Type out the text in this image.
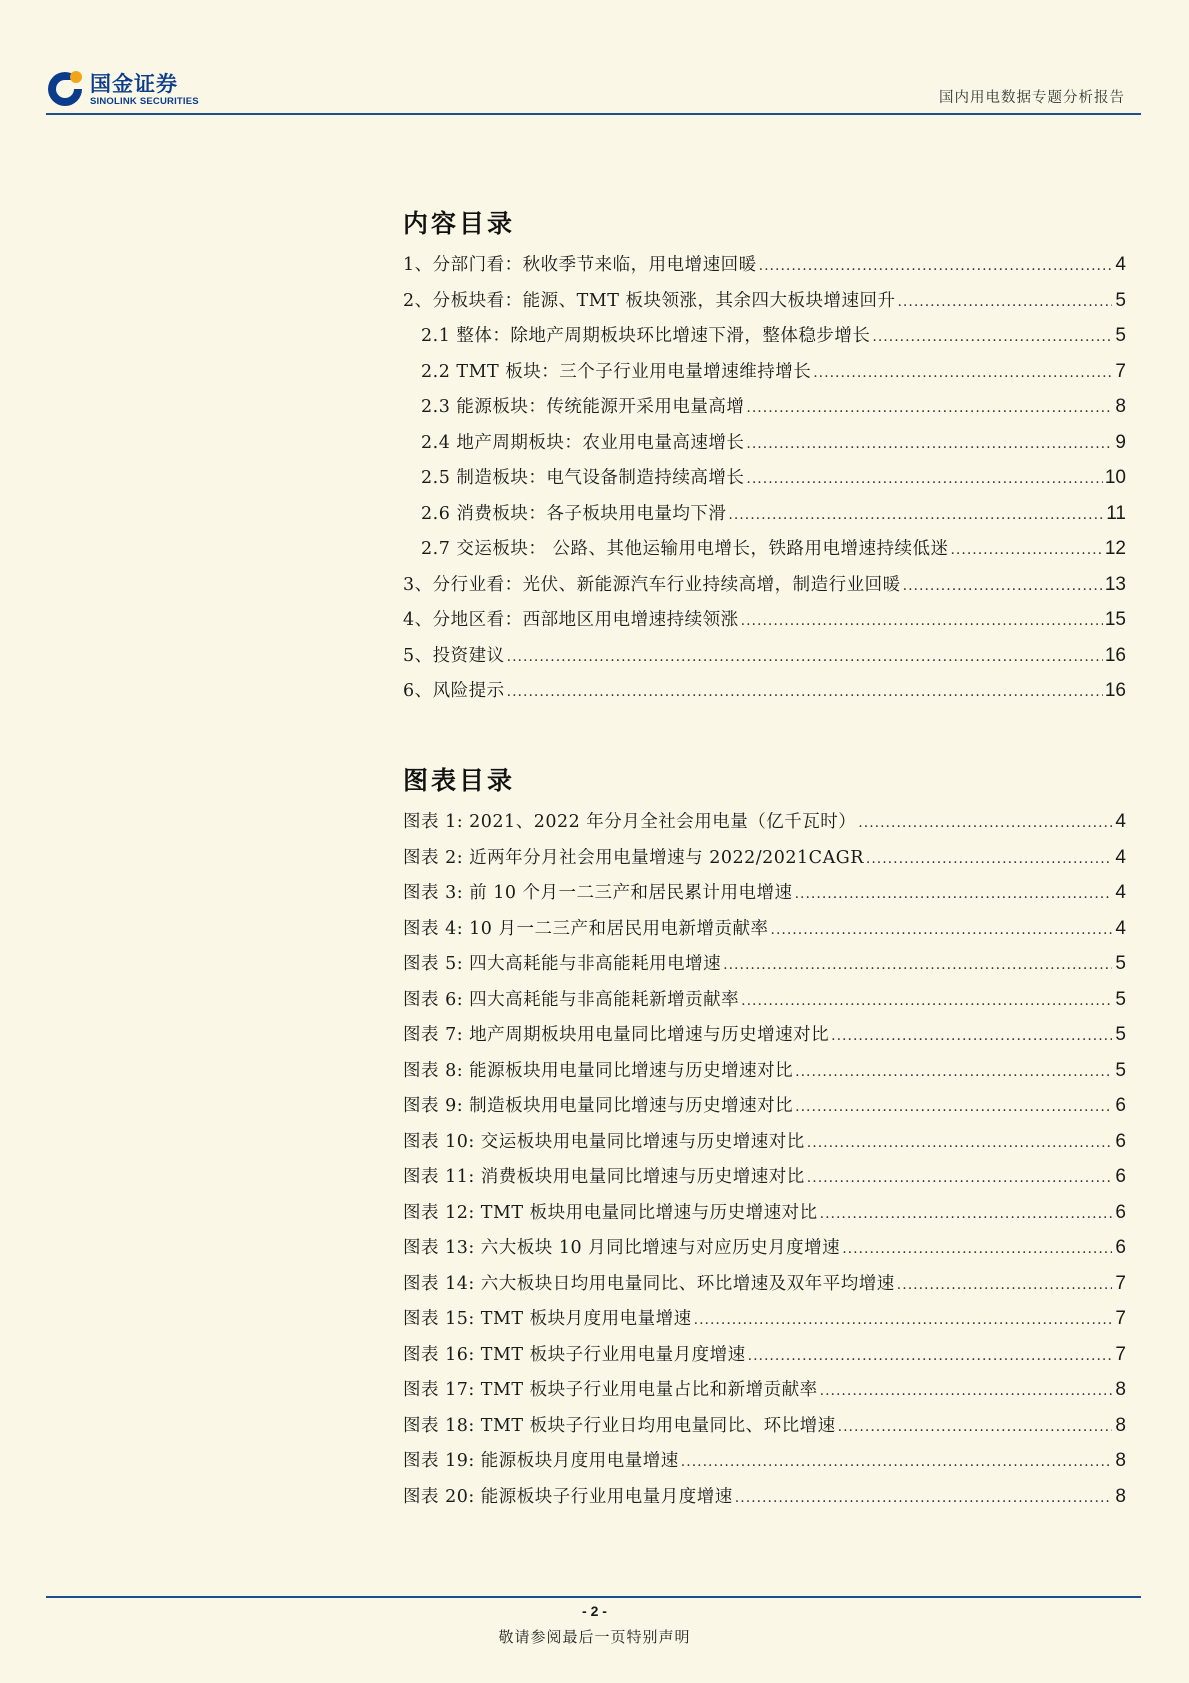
国金证券
SINOLINK SECURITIES	国内用电数据专题分析报告
内容目录
1、分部门看：秋收季节来临，用电增速回暖 .....	4
2、分板块看：能源、TMT 板块领涨，其余四大板块增速回升 .....	5
2.1 整体：除地产周期板块环比增速下滑，整体稳步增长 .....	5
2.2 TMT 板块：三个子行业用电量增速维持增长 .....	7
2.3 能源板块：传统能源开采用电量高增 .....	8
2.4 地产周期板块：农业用电量高速增长 .....	9
2.5 制造板块：电气设备制造持续高增长 .....	10
2.6 消费板块：各子板块用电量均下滑 .....	11
2.7 交运板块： 公路、其他运输用电增长，铁路用电增速持续低迷 .....	12
3、分行业看：光伏、新能源汽车行业持续高增，制造行业回暖 .....	13
4、分地区看：西部地区用电增速持续领涨 .....	15
5、投资建议 .....	16
6、风险提示 .....	16
图表目录
图表 1: 2021、2022 年分月全社会用电量（亿千瓦时） .....	4
图表 2: 近两年分月社会用电量增速与 2022/2021CAGR .....	4
图表 3: 前 10 个月一二三产和居民累计用电增速 .....	4
图表 4: 10 月一二三产和居民用电新增贡献率 .....	4
图表 5: 四大高耗能与非高能耗用电增速 .....	5
图表 6: 四大高耗能与非高能耗新增贡献率 .....	5
图表 7: 地产周期板块用电量同比增速与历史增速对比 .....	5
图表 8: 能源板块用电量同比增速与历史增速对比 .....	5
图表 9: 制造板块用电量同比增速与历史增速对比 .....	6
图表 10: 交运板块用电量同比增速与历史增速对比 .....	6
图表 11: 消费板块用电量同比增速与历史增速对比 .....	6
图表 12: TMT 板块用电量同比增速与历史增速对比 .....	6
图表 13: 六大板块 10 月同比增速与对应历史月度增速 .....	6
图表 14: 六大板块日均用电量同比、环比增速及双年平均增速 .....	7
图表 15: TMT 板块月度用电量增速 .....	7
图表 16: TMT 板块子行业用电量月度增速 .....	7
图表 17: TMT 板块子行业用电量占比和新增贡献率 .....	8
图表 18: TMT 板块子行业日均用电量同比、环比增速 .....	8
图表 19: 能源板块月度用电量增速 .....	8
图表 20: 能源板块子行业用电量月度增速 .....	8
- 2 -
敬请参阅最后一页特别声明
